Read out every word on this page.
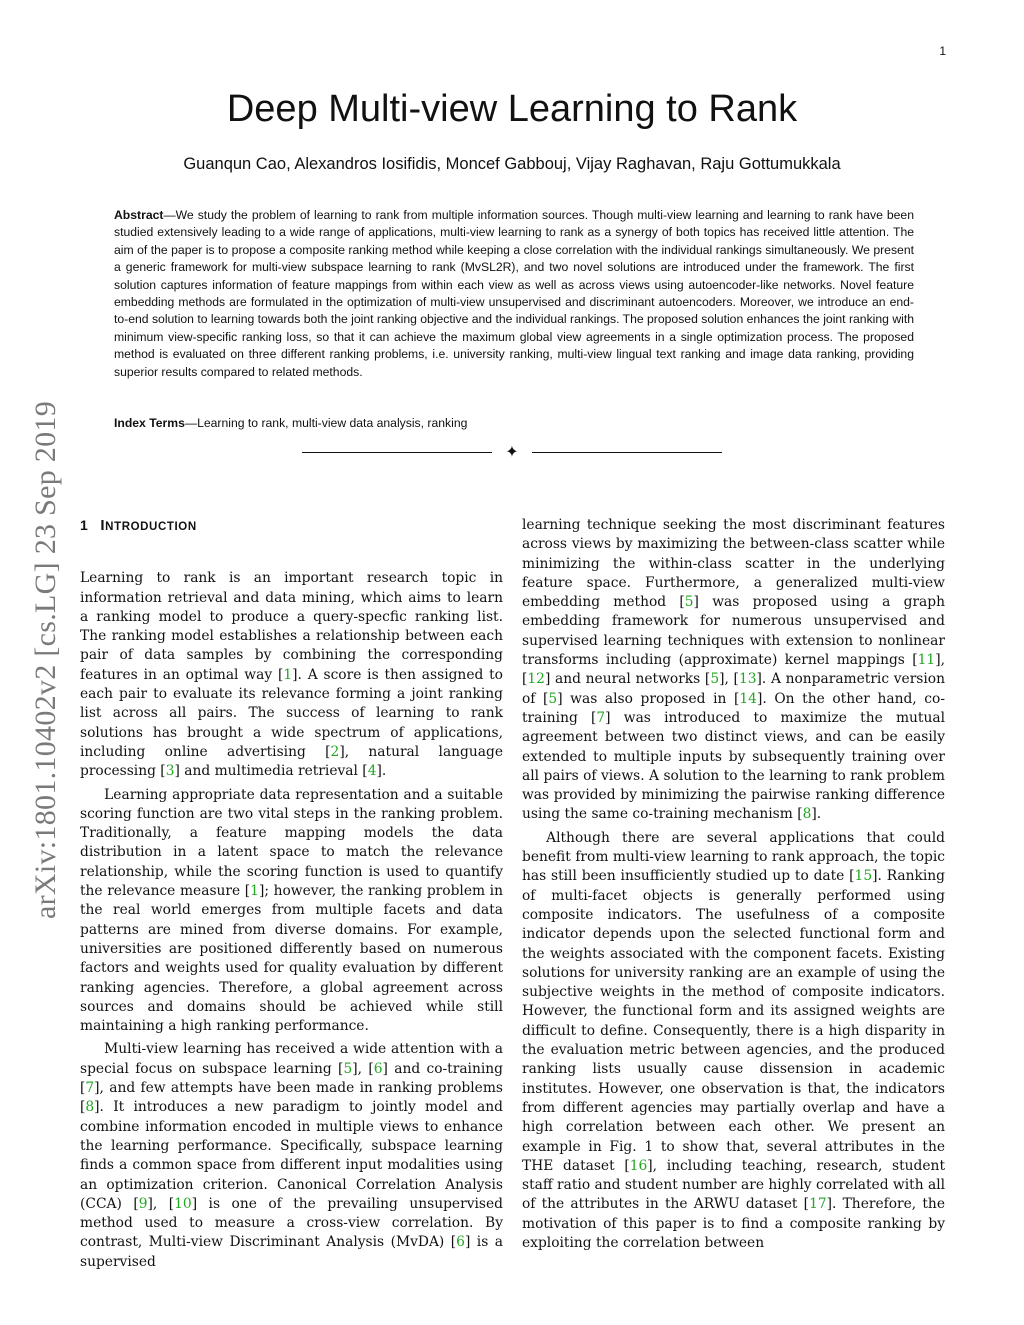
1
arXiv:1801.10402v2 [cs.LG] 23 Sep 2019
Deep Multi-view Learning to Rank
Guanqun Cao, Alexandros Iosifidis, Moncef Gabbouj, Vijay Raghavan, Raju Gottumukkala

Abstract—We study the problem of learning to rank from multiple information sources. Though multi-view learning and learning to rank have been studied extensively leading to a wide range of applications, multi-view learning to rank as a synergy of both topics has received little attention. The aim of the paper is to propose a composite ranking method while keeping a close correlation with the individual rankings simultaneously. We present a generic framework for multi-view subspace learning to rank (MvSL2R), and two novel solutions are introduced under the framework. The first solution captures information of feature mappings from within each view as well as across views using autoencoder-like networks. Novel feature embedding methods are formulated in the optimization of multi-view unsupervised and discriminant autoencoders. Moreover, we introduce an end-to-end solution to learning towards both the joint ranking objective and the individual rankings. The proposed solution enhances the joint ranking with minimum view-specific ranking loss, so that it can achieve the maximum global view agreements in a single optimization process. The proposed method is evaluated on three different ranking problems, i.e. university ranking, multi-view lingual text ranking and image data ranking, providing superior results compared to related methods.

Index Terms—Learning to rank, multi-view data analysis, ranking

✦
1 INTRODUCTION

Learning to rank is an important research topic in information retrieval and data mining, which aims to learn a ranking model to produce a query-specfic ranking list. The ranking model establishes a relationship between each pair of data samples by combining the corresponding features in an optimal way [1]. A score is then assigned to each pair to evaluate its relevance forming a joint ranking list across all pairs. The success of learning to rank solutions has brought a wide spectrum of applications, including online advertising [2], natural language processing [3] and multimedia retrieval [4].

Learning appropriate data representation and a suitable scoring function are two vital steps in the ranking problem. Traditionally, a feature mapping models the data distribution in a latent space to match the relevance relationship, while the scoring function is used to quantify the relevance measure [1]; however, the ranking problem in the real world emerges from multiple facets and data patterns are mined from diverse domains. For example, universities are positioned differently based on numerous factors and weights used for quality evaluation by different ranking agencies. Therefore, a global agreement across sources and domains should be achieved while still maintaining a high ranking performance.

Multi-view learning has received a wide attention with a special focus on subspace learning [5], [6] and co-training [7], and few attempts have been made in ranking problems [8]. It introduces a new paradigm to jointly model and combine information encoded in multiple views to enhance the learning performance. Specifically, subspace learning finds a common space from different input modalities using an optimization criterion. Canonical Correlation Analysis (CCA) [9], [10] is one of the prevailing unsupervised method used to measure a cross-view correlation. By contrast, Multi-view Discriminant Analysis (MvDA) [6] is a supervised

learning technique seeking the most discriminant features across views by maximizing the between-class scatter while minimizing the within-class scatter in the underlying feature space. Furthermore, a generalized multi-view embedding method [5] was proposed using a graph embedding framework for numerous unsupervised and supervised learning techniques with extension to nonlinear transforms including (approximate) kernel mappings [11], [12] and neural networks [5], [13]. A nonparametric version of [5] was also proposed in [14]. On the other hand, co-training [7] was introduced to maximize the mutual agreement between two distinct views, and can be easily extended to multiple inputs by subsequently training over all pairs of views. A solution to the learning to rank problem was provided by minimizing the pairwise ranking difference using the same co-training mechanism [8].

Although there are several applications that could benefit from multi-view learning to rank approach, the topic has still been insufficiently studied up to date [15]. Ranking of multi-facet objects is generally performed using composite indicators. The usefulness of a composite indicator depends upon the selected functional form and the weights associated with the component facets. Existing solutions for university ranking are an example of using the subjective weights in the method of composite indicators. However, the functional form and its assigned weights are difficult to define. Consequently, there is a high disparity in the evaluation metric between agencies, and the produced ranking lists usually cause dissension in academic institutes. However, one observation is that, the indicators from different agencies may partially overlap and have a high correlation between each other. We present an example in Fig. 1 to show that, several attributes in the THE dataset [16], including teaching, research, student staff ratio and student number are highly correlated with all of the attributes in the ARWU dataset [17]. Therefore, the motivation of this paper is to find a composite ranking by exploiting the correlation between
